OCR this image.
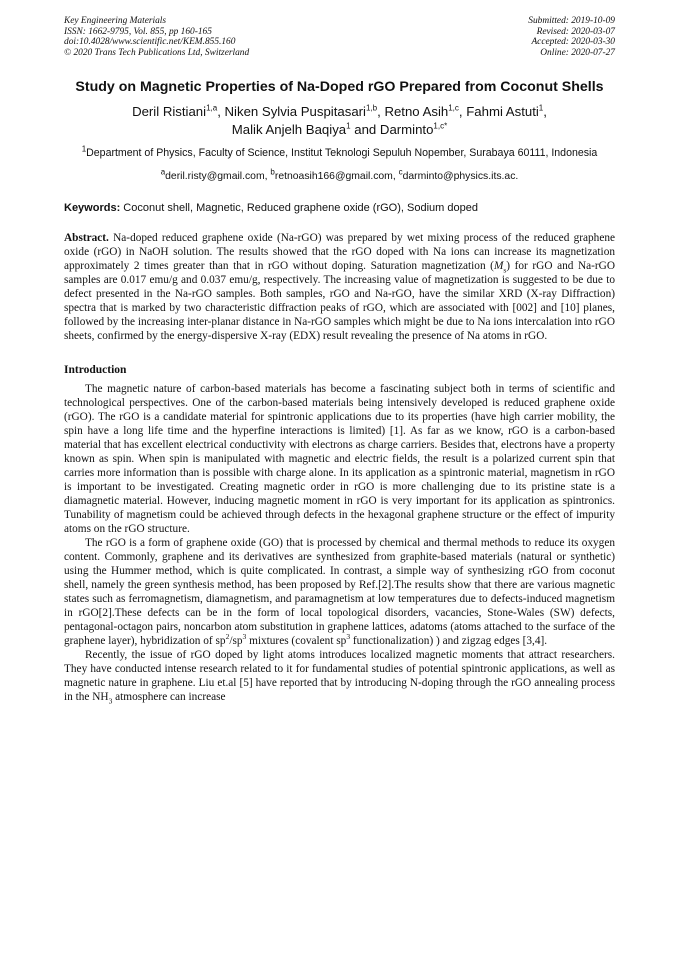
Key Engineering Materials
ISSN: 1662-9795, Vol. 855, pp 160-165
doi:10.4028/www.scientific.net/KEM.855.160
© 2020 Trans Tech Publications Ltd, Switzerland
Submitted: 2019-10-09
Revised: 2020-03-07
Accepted: 2020-03-30
Online: 2020-07-27
Study on Magnetic Properties of Na-Doped rGO Prepared from Coconut Shells
Deril Ristiani$^{1,a}$, Niken Sylvia Puspitasari$^{1,b}$, Retno Asih$^{1,c}$, Fahmi Astuti$^1$,
Malik Anjelh Baqiya$^1$ and Darminto$^{1,c*}$
$^1$Department of Physics, Faculty of Science, Institut Teknologi Sepuluh Nopember, Surabaya 60111, Indonesia
$^a$deril.risty@gmail.com, $^b$retnoasih166@gmail.com, $^c$darminto@physics.its.ac.
Keywords: Coconut shell, Magnetic, Reduced graphene oxide (rGO), Sodium doped
Abstract. Na-doped reduced graphene oxide (Na-rGO) was prepared by wet mixing process of the reduced graphene oxide (rGO) in NaOH solution. The results showed that the rGO doped with Na ions can increase its magnetization approximately 2 times greater than that in rGO without doping. Saturation magnetization $(M_s)$ for rGO and Na-rGO samples are 0.017 emu/g and 0.037 emu/g, respectively. The increasing value of magnetization is suggested to be due to defect presented in the Na-rGO samples. Both samples, rGO and Na-rGO, have the similar XRD (X-ray Diffraction) spectra that is marked by two characteristic diffraction peaks of rGO, which are associated with [002] and [10] planes, followed by the increasing inter-planar distance in Na-rGO samples which might be due to Na ions intercalation into rGO sheets, confirmed by the energy-dispersive X-ray (EDX) result revealing the presence of Na atoms in rGO.
Introduction

The magnetic nature of carbon-based materials has become a fascinating subject both in terms of scientific and technological perspectives. One of the carbon-based materials being intensively developed is reduced graphene oxide (rGO). The rGO is a candidate material for spintronic applications due to its properties (have high carrier mobility, the spin have a long life time and the hyperfine interactions is limited) [1]. As far as we know, rGO is a carbon-based material that has excellent electrical conductivity with electrons as charge carriers. Besides that, electrons have a property known as spin. When spin is manipulated with magnetic and electric fields, the result is a polarized current spin that carries more information than is possible with charge alone. In its application as a spintronic material, magnetism in rGO is important to be investigated. Creating magnetic order in rGO is more challenging due to its pristine state is a diamagnetic material. However, inducing magnetic moment in rGO is very important for its application as spintronics. Tunability of magnetism could be achieved through defects in the hexagonal graphene structure or the effect of impurity atoms on the rGO structure.

The rGO is a form of graphene oxide (GO) that is processed by chemical and thermal methods to reduce its oxygen content. Commonly, graphene and its derivatives are synthesized from graphite-based materials (natural or synthetic) using the Hummer method, which is quite complicated. In contrast, a simple way of synthesizing rGO from coconut shell, namely the green synthesis method, has been proposed by Ref.[2].The results show that there are various magnetic states such as ferromagnetism, diamagnetism, and paramagnetism at low temperatures due to defects-induced magnetism in rGO[2].These defects can be in the form of local topological disorders, vacancies, Stone-Wales (SW) defects, pentagonal-octagon pairs, noncarbon atom substitution in graphene lattices, adatoms (atoms attached to the surface of the graphene layer), hybridization of $sp^2/sp^3$ mixtures (covalent $sp^3$ functionalization) ) and zigzag edges [3,4].

Recently, the issue of rGO doped by light atoms introduces localized magnetic moments that attract researchers. They have conducted intense research related to it for fundamental studies of potential spintronic applications, as well as magnetic nature in graphene. Liu et.al [5] have reported that by introducing N-doping through the rGO annealing process in the $NH_3$ atmosphere can increase
